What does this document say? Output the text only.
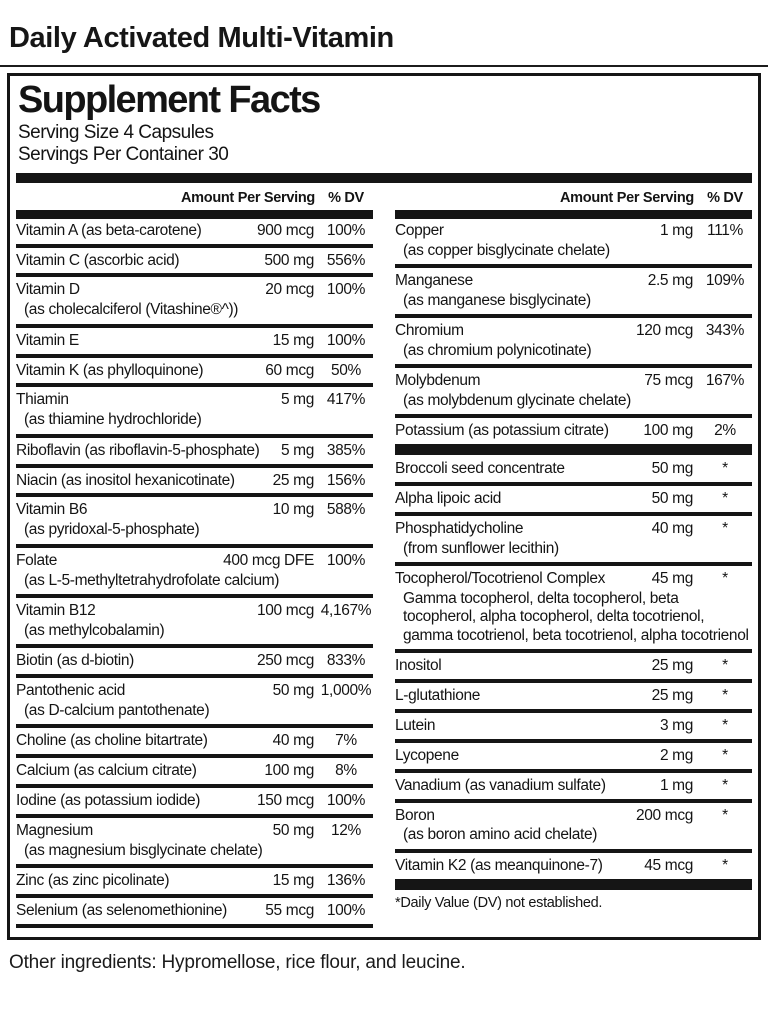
Daily Activated Multi-Vitamin
Supplement Facts
Serving Size 4 Capsules
Servings Per Container 30
Amount Per Serving % DV
Vitamin A (as beta-carotene)	900 mcg 100%
Vitamin C (ascorbic acid)	500 mg 556%
Vitamin D	20 mcg 100%
(as cholecalciferol (Vitashine®^))
Vitamin E	15 mg 100%
Vitamin K (as phylloquinone)	60 mcg	50%
Thiamin	5 mg 417%
(as thiamine hydrochloride)
Riboflavin (as riboflavin-5-phosphate)	5 mg 385%
Niacin (as inositol hexanicotinate)	25 mg 156%
Vitamin B6	10 mg 588%
(as pyridoxal-5-phosphate)
Folate	400 mcg DFE 100%
(as L-5-methyltetrahydrofolate calcium)
Vitamin B12	100 mcg 4,167%
(as methylcobalamin)
Biotin (as d-biotin)	250 mcg 833%
Pantothenic acid	50 mg 1,000%
(as D-calcium pantothenate)
Choline (as choline bitartrate)	40 mg	7%
Calcium (as calcium citrate)	100 mg	8%
Iodine (as potassium iodide)	150 mcg 100%
Magnesium	50 mg	12%
(as magnesium bisglycinate chelate)
Zinc (as zinc picolinate)	15 mg 136%
Selenium (as selenomethionine)	55 mcg 100%
Amount Per Serving % DV
Copper	1 mg 111%
(as copper bisglycinate chelate)
Manganese	2.5 mg 109%
(as manganese bisglycinate)
Chromium	120 mcg 343%
(as chromium polynicotinate)
Molybdenum	75 mcg 167%
(as molybdenum glycinate chelate)
Potassium (as potassium citrate)	100 mg	2%
Broccoli seed concentrate	50 mg	*
Alpha lipoic acid	50 mg	*
Phosphatidycholine	40 mg	*
(from sunflower lecithin)
Tocopherol/Tocotrienol Complex	45 mg	*
Gamma tocopherol, delta tocopherol, beta tocopherol, alpha tocopherol, delta tocotrienol, gamma tocotrienol, beta tocotrienol, alpha tocotrienol
Inositol	25 mg	*
L-glutathione	25 mg	*
Lutein	3 mg	*
Lycopene	2 mg	*
Vanadium (as vanadium sulfate)	1 mg	*
Boron	200 mcg	*
(as boron amino acid chelate)
Vitamin K2 (as meanquinone-7)	45 mcg	*
*Daily Value (DV) not established.
Other ingredients: Hypromellose, rice flour, and leucine.
